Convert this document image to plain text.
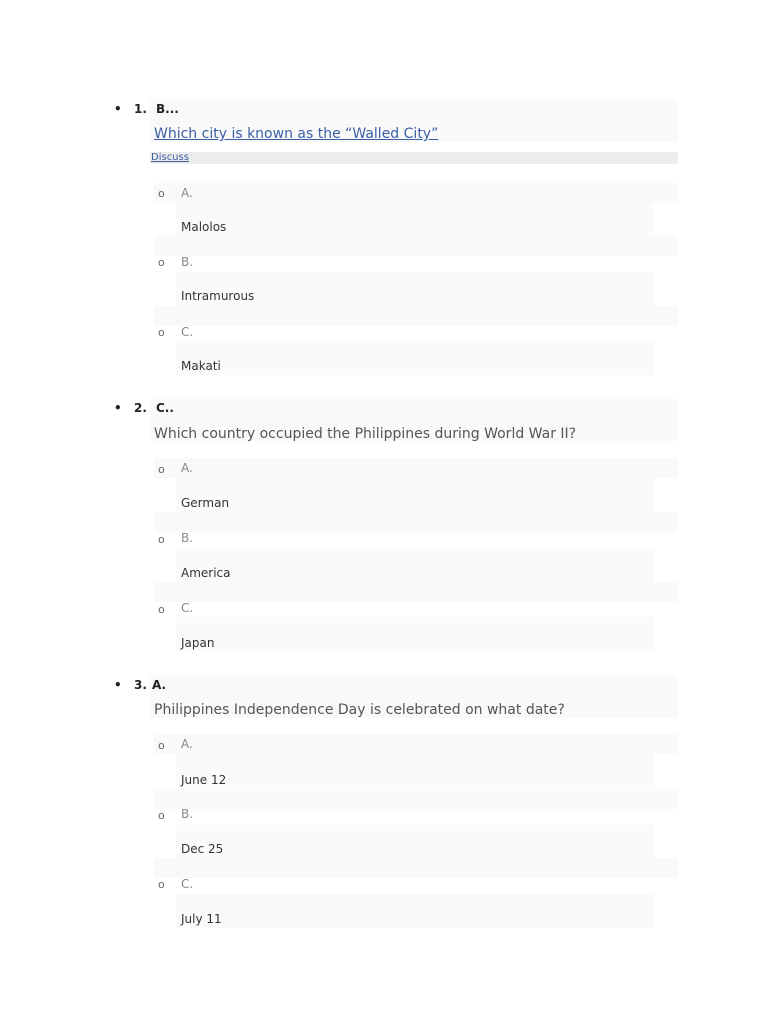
• 1. B...
Which city is known as the “Walled City”
Discuss
o A.
Malolos
o B.
Intramurous
o C.
Makati
• 2. C..
Which country occupied the Philippines during World War II?
o A.
German
o B.
America
o C.
Japan
• 3. A.
Philippines Independence Day is celebrated on what date?
o A.
June 12
o B.
Dec 25
o C.
July 11
